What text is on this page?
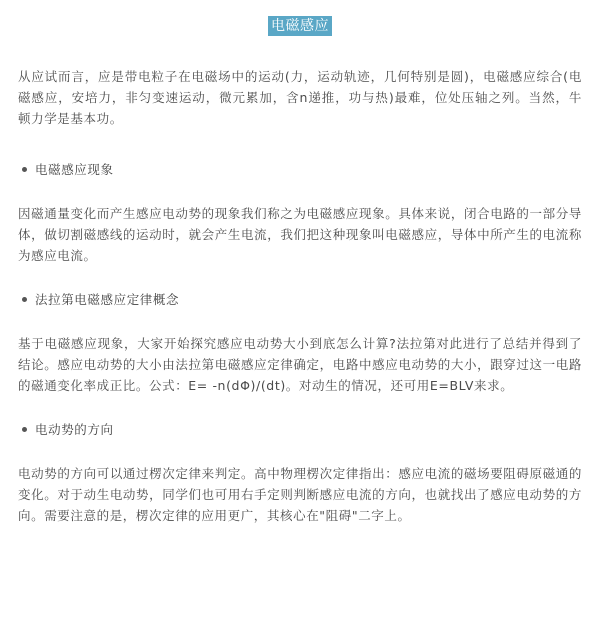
电磁感应

从应试而言，应是带电粒子在电磁场中的运动(力，运动轨迹，几何特别是圆)，电磁感应综合(电磁感应，安培力，非匀变速运动，微元累加，含n递推，功与热)最难，位处压轴之列。当然，牛顿力学是基本功。

电磁感应现象

因磁通量变化而产生感应电动势的现象我们称之为电磁感应现象。具体来说，闭合电路的一部分导体，做切割磁感线的运动时，就会产生电流，我们把这种现象叫电磁感应，导体中所产生的电流称为感应电流。

法拉第电磁感应定律概念

基于电磁感应现象，大家开始探究感应电动势大小到底怎么计算?法拉第对此进行了总结并得到了结论。感应电动势的大小由法拉第电磁感应定律确定，电路中感应电动势的大小，跟穿过这一电路的磁通变化率成正比。公式：E= -n(dΦ)/(dt)。对动生的情况，还可用E=BLV来求。

电动势的方向

电动势的方向可以通过楞次定律来判定。高中物理楞次定律指出：感应电流的磁场要阻碍原磁通的变化。对于动生电动势，同学们也可用右手定则判断感应电流的方向，也就找出了感应电动势的方向。需要注意的是，楞次定律的应用更广，其核心在"阻碍"二字上。
